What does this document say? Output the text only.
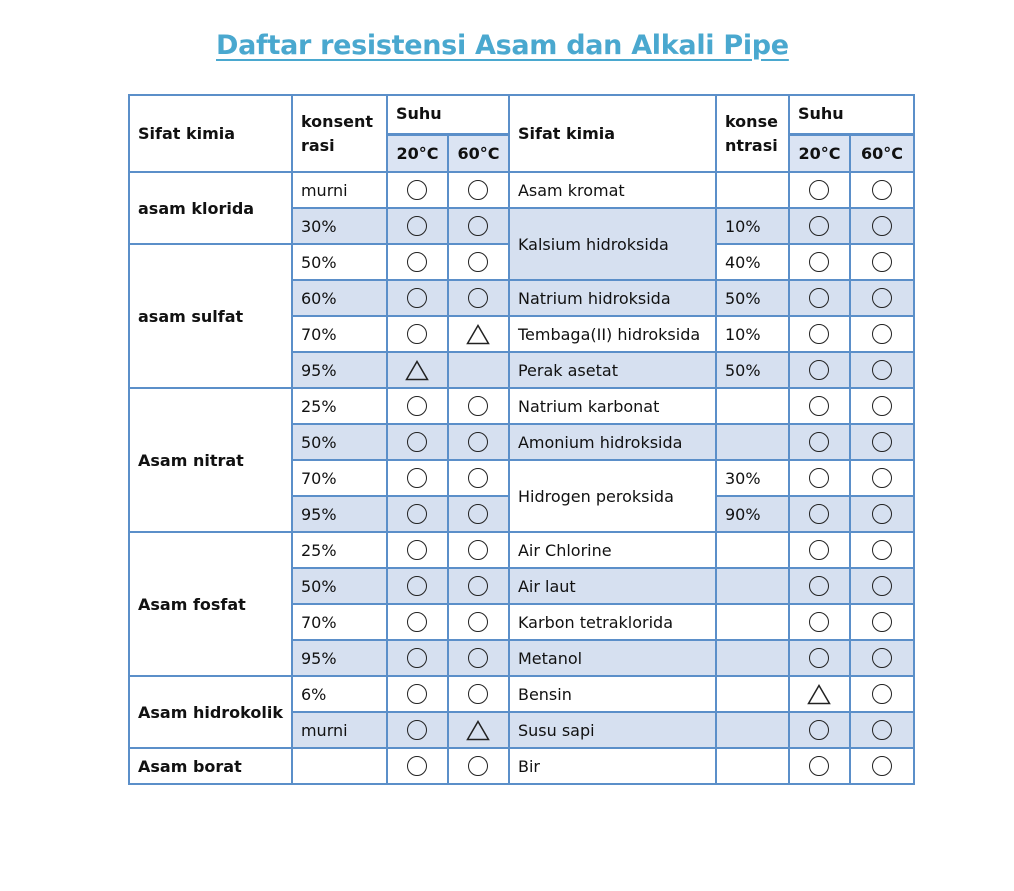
Daftar resistensi Asam dan Alkali Pipe
Sifat kimia	konsentrasi	Suhu		Sifat kimia	konsentrasi	Suhu	
		20°C	60°C			20°C	60°C
asam klorida	murni			Asam kromat			
	30%			Kalsium hidroksida	10%		
asam sulfat	50%				40%		
	60%			Natrium hidroksida	50%		
	70%			Tembaga(II) hidroksida	10%		
	95%			Perak asetat	50%		
Asam nitrat	25%			Natrium karbonat			
	50%			Amonium hidroksida			
	70%			Hidrogen peroksida	30%		
	95%				90%		
Asam fosfat	25%			Air Chlorine			
	50%			Air laut			
	70%			Karbon tetraklorida			
	95%			Metanol			
Asam hidrokolik	6%			Bensin			
	murni			Susu sapi			
Asam borat				Bir			
